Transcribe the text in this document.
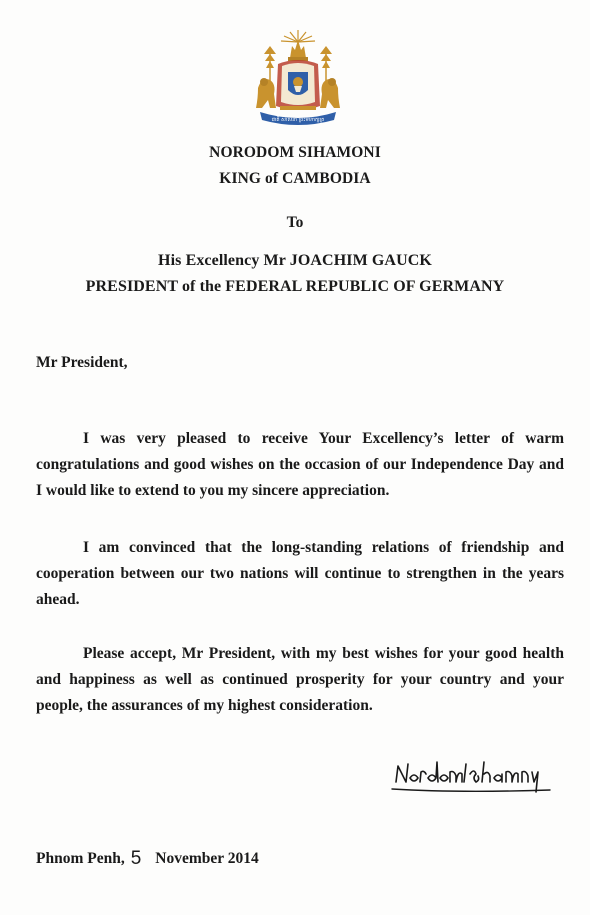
ជាតិ សាសនា ព្រះមហាក្សត្រ
NORODOM SIHAMONI
KING of CAMBODIA
To
His Excellency Mr JOACHIM GAUCK
PRESIDENT of the FEDERAL REPUBLIC OF GERMANY
Mr President,
I was very pleased to receive Your Excellency’s letter of warm congratulations and good wishes on the occasion of our Independence Day and I would like to extend to you my sincere appreciation.
I am convinced that the long-standing relations of friendship and cooperation between our two nations will continue to strengthen in the years ahead.
Please accept, Mr President, with my best wishes for your good health and happiness as well as continued prosperity for your country and your people, the assurances of my highest consideration.
Phnom Penh, 5 November 2014
